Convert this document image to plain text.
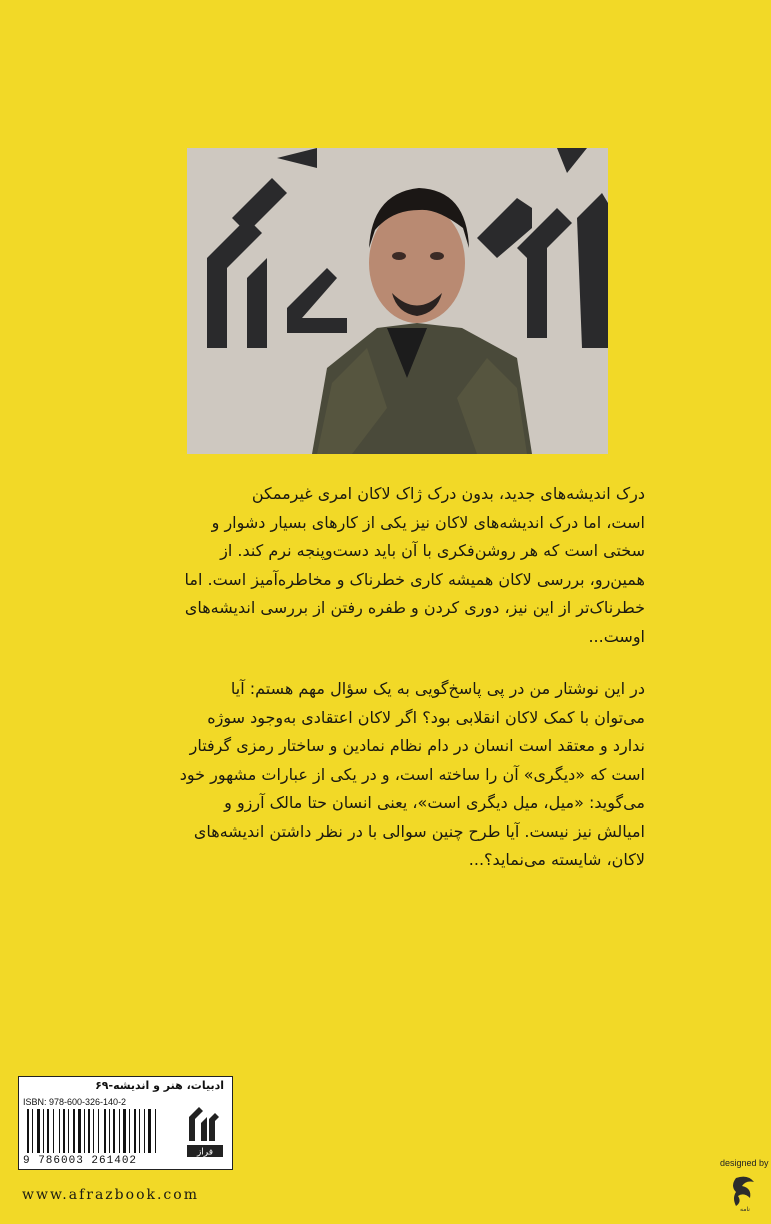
درک اندیشه‌های جدید، بدون درک ژاک لاکان امری غیرممکن

است، اما درک اندیشه‌های لاکان نیز یکی از کارهای بسیار دشوار و

سختی است که هر روشن‌فکری با آن باید دست‌وپنجه نرم کند. از

همین‌رو، بررسی لاکان همیشه کاری خطرناک و مخاطره‌آمیز است. اما

خطرناک‌تر از این نیز، دوری کردن و طفره رفتن از بررسی اندیشه‌های

اوست...

در این نوشتار من در پی پاسخ‌گویی به یک سؤال مهم هستم: آیا

می‌توان با کمک لاکان انقلابی بود؟ اگر لاکان اعتقادی به‌وجود سوژه

ندارد و معتقد است انسان در دام نظام نمادین و ساختار رمزی گرفتار

است که «دیگری» آن را ساخته است، و در یکی از عبارات مشهور خود

می‌گوید: «میل، میل دیگری است»، یعنی انسان حتا مالک آرزو و

امیالش نیز نیست. آیا طرح چنین سوالی با در نظر داشتن اندیشه‌های

لاکان، شایسته می‌نماید؟...

ادبیات، هنر و اندیشه-۶۹
ISBN: 978-600-326-140-2
9 786003 261402
فراز
www.afrazbook.com
designed by
نامه
